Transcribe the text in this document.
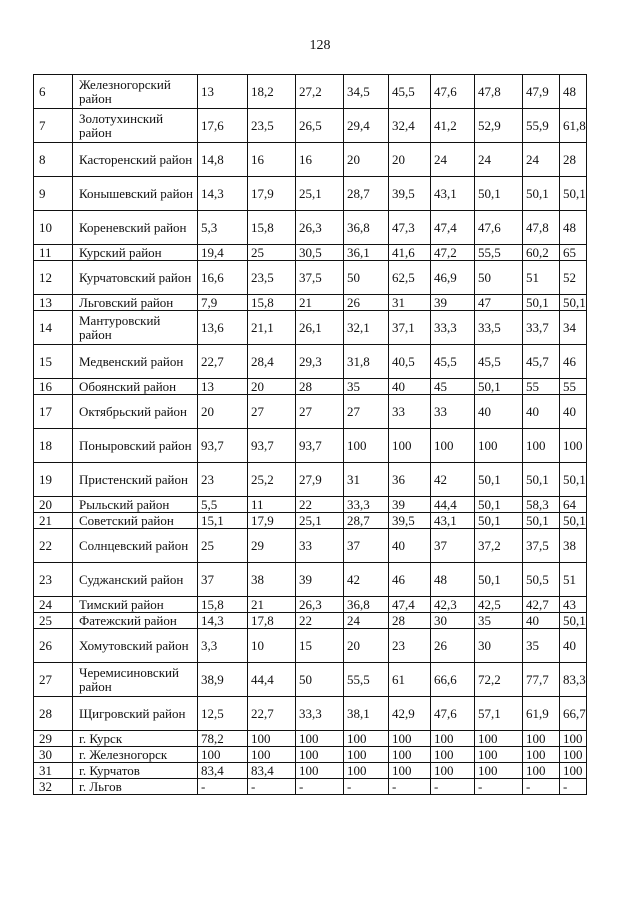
128
6	Железногорский район	13	18,2	27,2	34,5	45,5	47,6	47,8	47,9	48
7	Золотухинский район	17,6	23,5	26,5	29,4	32,4	41,2	52,9	55,9	61,8
8	Касторенский район	14,8	16	16	20	20	24	24	24	28
9	Конышевский район	14,3	17,9	25,1	28,7	39,5	43,1	50,1	50,1	50,1
10	Кореневский район	5,3	15,8	26,3	36,8	47,3	47,4	47,6	47,8	48
11	Курский район	19,4	25	30,5	36,1	41,6	47,2	55,5	60,2	65
12	Курчатовский район	16,6	23,5	37,5	50	62,5	46,9	50	51	52
13	Льговский район	7,9	15,8	21	26	31	39	47	50,1	50,1
14	Мантуровский район	13,6	21,1	26,1	32,1	37,1	33,3	33,5	33,7	34
15	Медвенский район	22,7	28,4	29,3	31,8	40,5	45,5	45,5	45,7	46
16	Обоянский район	13	20	28	35	40	45	50,1	55	55
17	Октябрьский район	20	27	27	27	33	33	40	40	40
18	Поныровский район	93,7	93,7	93,7	100	100	100	100	100	100
19	Пристенский район	23	25,2	27,9	31	36	42	50,1	50,1	50,1
20	Рыльский район	5,5	11	22	33,3	39	44,4	50,1	58,3	64
21	Советский район	15,1	17,9	25,1	28,7	39,5	43,1	50,1	50,1	50,1
22	Солнцевский район	25	29	33	37	40	37	37,2	37,5	38
23	Суджанский район	37	38	39	42	46	48	50,1	50,5	51
24	Тимский район	15,8	21	26,3	36,8	47,4	42,3	42,5	42,7	43
25	Фатежский район	14,3	17,8	22	24	28	30	35	40	50,1
26	Хомутовский район	3,3	10	15	20	23	26	30	35	40
27	Черемисиновский район	38,9	44,4	50	55,5	61	66,6	72,2	77,7	83,3
28	Щигровский район	12,5	22,7	33,3	38,1	42,9	47,6	57,1	61,9	66,7
29	г. Курск	78,2	100	100	100	100	100	100	100	100
30	г. Железногорск	100	100	100	100	100	100	100	100	100
31	г. Курчатов	83,4	83,4	100	100	100	100	100	100	100
32	г. Льгов	-	-	-	-	-	-	-	-	-
